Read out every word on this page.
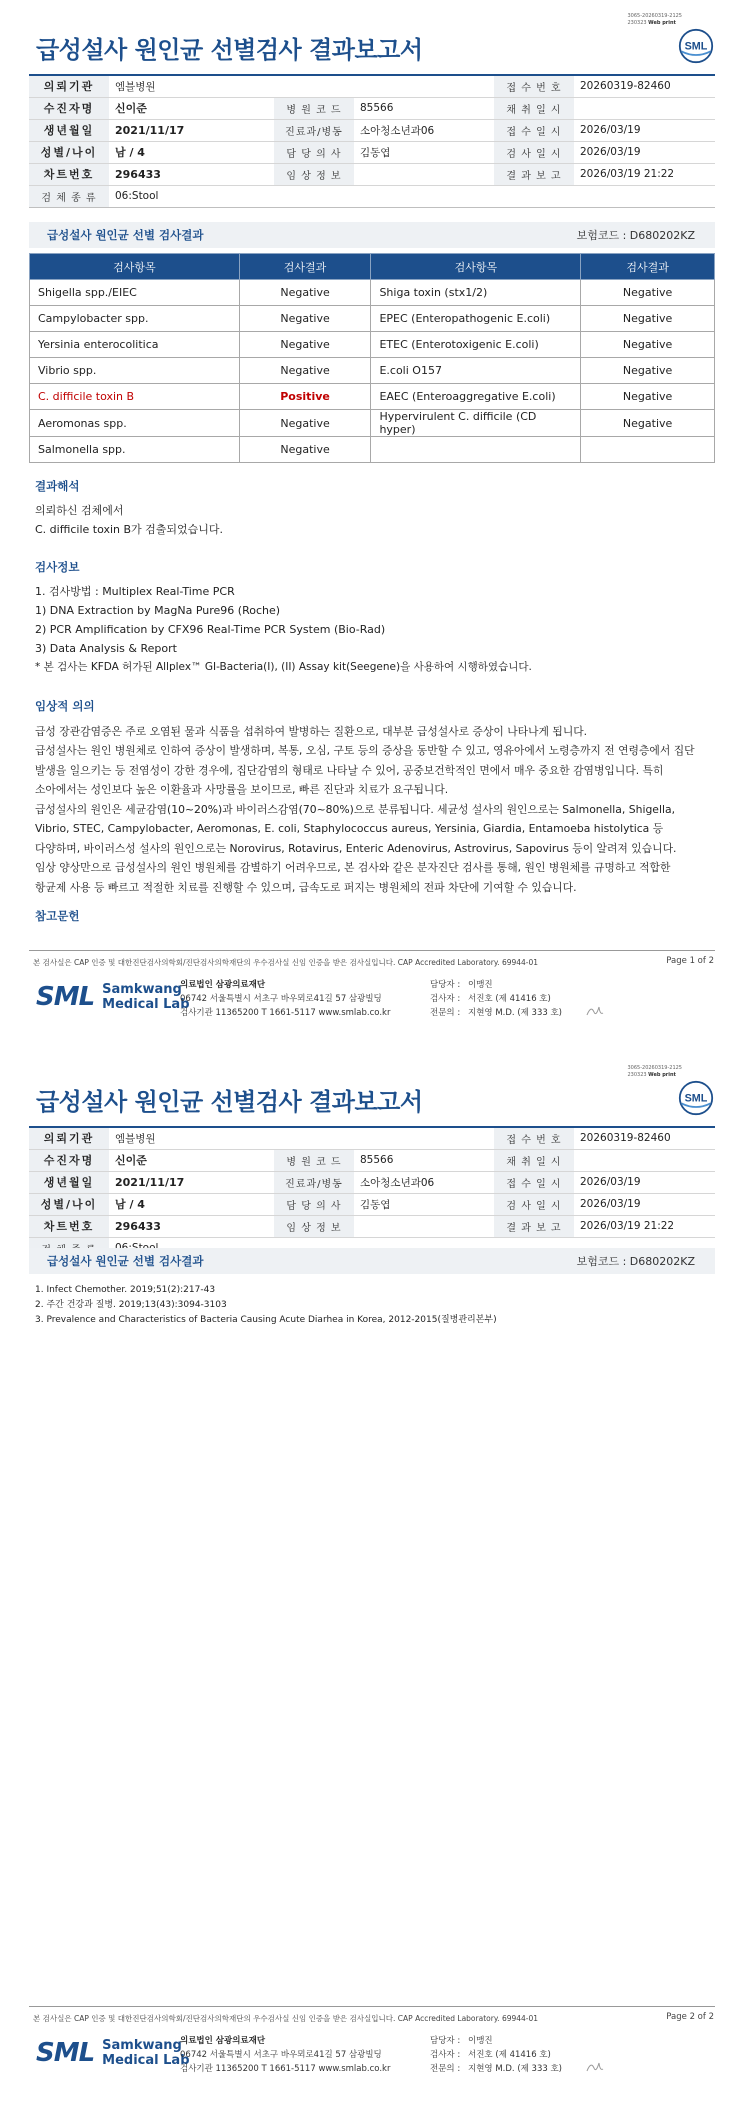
3065-20260319-2125
230323 Web print
급성설사 원인균 선별검사 결과보고서	SML
의뢰기관	엠블병원			접 수 번 호	20260319-82460
수진자명	신이준	병 원 코 드	85566	채 취 일 시	
생년월일	2021/11/17	진료과/병동	소아청소년과06	접 수 일 시	2026/03/19
성별/나이	남 / 4	담 당 의 사	김동엽	검 사 일 시	2026/03/19
차트번호	296433	임 상 정 보		결 과 보 고	2026/03/19 21:22
검 체 종 류	06:Stool				
급성설사 원인균 선별 검사결과	보험코드 : D680202KZ
검사항목	검사결과	검사항목	검사결과
Shigella spp./EIEC	Negative	Shiga toxin (stx1/2)	Negative
Campylobacter spp.	Negative	EPEC (Enteropathogenic E.coli)	Negative
Yersinia enterocolitica	Negative	ETEC (Enterotoxigenic E.coli)	Negative
Vibrio spp.	Negative	E.coli O157	Negative
C. difficile toxin B	Positive	EAEC (Enteroaggregative E.coli)	Negative
Aeromonas spp.	Negative	Hypervirulent C. difficile (CD hyper)	Negative
Salmonella spp.	Negative		
결과해석
의뢰하신 검체에서
C. difficile toxin B가 검출되었습니다.
검사정보
1. 검사방법 : Multiplex Real-Time PCR
1) DNA Extraction by MagNa Pure96 (Roche)
2) PCR Amplification by CFX96 Real-Time PCR System (Bio-Rad)
3) Data Analysis & Report
* 본 검사는 KFDA 허가된 Allplex™ GI-Bacteria(I), (II) Assay kit(Seegene)을 사용하여 시행하였습니다.
임상적 의의
급성 장관감염증은 주로 오염된 물과 식품을 섭취하여 발병하는 질환으로, 대부분 급성설사로 증상이 나타나게 됩니다.
급성설사는 원인 병원체로 인하여 증상이 발생하며, 복통, 오심, 구토 등의 증상을 동반할 수 있고, 영유아에서 노령층까지 전 연령층에서 집단
발생을 일으키는 등 전염성이 강한 경우에, 집단감염의 형태로 나타날 수 있어, 공중보건학적인 면에서 매우 중요한 감염병입니다. 특히
소아에서는 성인보다 높은 이환율과 사망률을 보이므로, 빠른 진단과 치료가 요구됩니다.
급성설사의 원인은 세균감염(10~20%)과 바이러스감염(70~80%)으로 분류됩니다. 세균성 설사의 원인으로는 Salmonella, Shigella,
Vibrio, STEC, Campylobacter, Aeromonas, E. coli, Staphylococcus aureus, Yersinia, Giardia, Entamoeba histolytica 등
다양하며, 바이러스성 설사의 원인으로는 Norovirus, Rotavirus, Enteric Adenovirus, Astrovirus, Sapovirus 등이 알려져 있습니다.
임상 양상만으로 급성설사의 원인 병원체를 감별하기 어려우므로, 본 검사와 같은 분자진단 검사를 통해, 원인 병원체를 규명하고 적합한
항균제 사용 등 빠르고 적절한 치료를 진행할 수 있으며, 급속도로 퍼지는 병원체의 전파 차단에 기여할 수 있습니다.
참고문헌
본 검사실은 CAP 인증 및 대한진단검사의학회/진단검사의학재단의 우수검사실 신임 인증을 받은 검사실입니다. CAP Accredited Laboratory. 69944-01	Page 1 of 2
SML Samkwang
Medical Lab
의료법인 삼광의료재단
06742 서울특별시 서초구 바우뫼로41길 57 삼광빌딩
검사기관 11365200 T 1661-5117 www.smlab.co.kr
담당자 : 이맹진
검사자 : 서진호 (제 41416 호)
전문의 : 지현영 M.D. (제 333 호)
3065-20260319-2125
230323 Web print
급성설사 원인균 선별검사 결과보고서	SML
의뢰기관	엠블병원			접 수 번 호	20260319-82460
수진자명	신이준	병 원 코 드	85566	채 취 일 시	
생년월일	2021/11/17	진료과/병동	소아청소년과06	접 수 일 시	2026/03/19
성별/나이	남 / 4	담 당 의 사	김동엽	검 사 일 시	2026/03/19
차트번호	296433	임 상 정 보		결 과 보 고	2026/03/19 21:22

급성설사 원인균 선별 검사결과	보험코드 : D680202KZ
1. Infect Chemother. 2019;51(2):217-43
2. 주간 건강과 질병. 2019;13(43):3094-3103
3. Prevalence and Characteristics of Bacteria Causing Acute Diarhea in Korea, 2012-2015(질병관리본부)
본 검사실은 CAP 인증 및 대한진단검사의학회/진단검사의학재단의 우수검사실 신임 인증을 받은 검사실입니다. CAP Accredited Laboratory. 69944-01	Page 2 of 2
SML Samkwang
Medical Lab
의료법인 삼광의료재단
06742 서울특별시 서초구 바우뫼로41길 57 삼광빌딩
검사기관 11365200 T 1661-5117 www.smlab.co.kr
담당자 : 이맹진
검사자 : 서진호 (제 41416 호)
전문의 : 지현영 M.D. (제 333 호)
